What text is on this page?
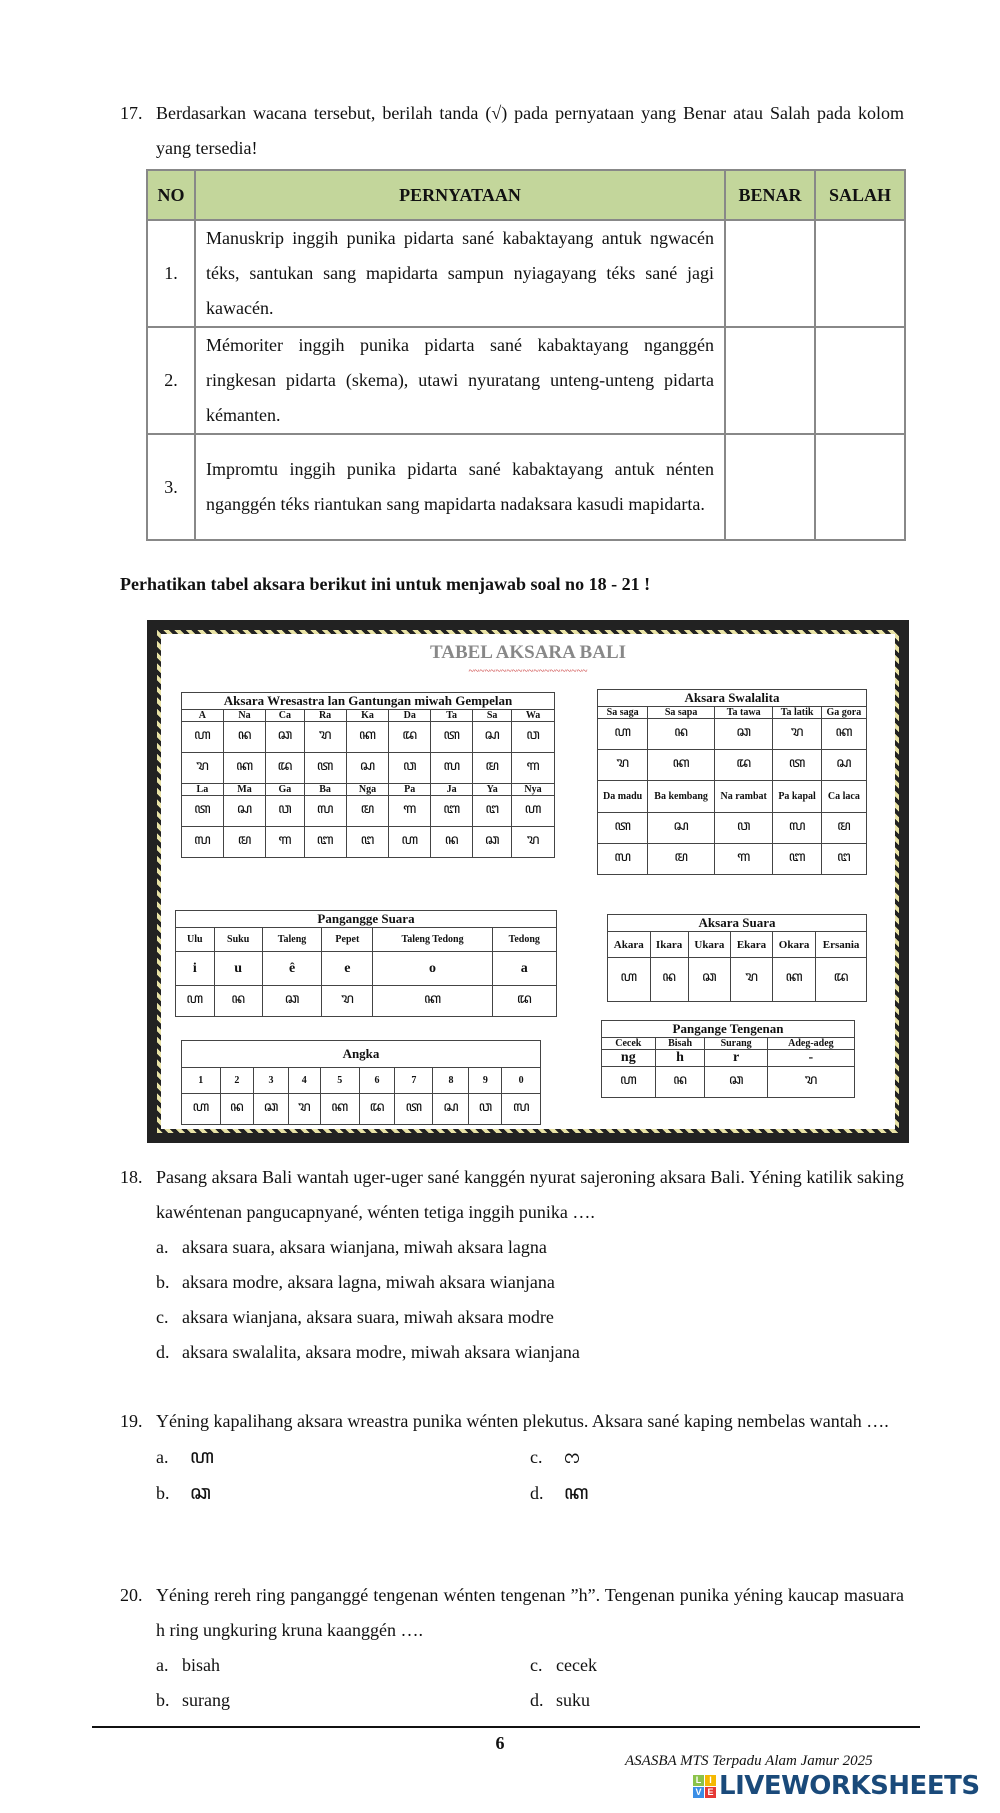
17. Berdasarkan wacana tersebut, berilah tanda (√) pada pernyataan yang Benar atau Salah pada kolom yang tersedia!
NO	PERNYATAAN	BENAR	SALAH
1.	Manuskrip inggih punika pidarta sané kabaktayang antuk ngwacén téks, santukan sang mapidarta sampun nyiagayang téks sané jagi kawacén.		
2.	Mémoriter inggih punika pidarta sané kabaktayang nganggén ringkesan pidarta (skema), utawi nyuratang unteng-unteng pidarta kémanten.		
3.	Impromtu inggih punika pidarta sané kabaktayang antuk nénten nganggén téks riantukan sang mapidarta nadaksara kasudi mapidarta.		
Perhatikan tabel aksara berikut ini untuk menjawab soal no 18 - 21 !
TABEL AKSARA BALI
~~~~~~~~~~~~~~~~~~~~~~
Aksara Wresastra lan Gantungan miwah Gempelan								
A	Na	Ca	Ra	Ka	Da	Ta	Sa	Wa
ꦲ	ꦤ	ꦕ	ꦫ	ꦏ	ꦢ	ꦠ	ꦱ	ꦮ
ꦫ	ꦏ	ꦢ	ꦠ	ꦱ	ꦮ	ꦭ	ꦩ	ꦒ
La	Ma	Ga	Ba	Nga	Pa	Ja	Ya	Nya
ꦠ	ꦱ	ꦮ	ꦭ	ꦩ	ꦒ	ꦧ	ꦔ	ꦲ
ꦭ	ꦩ	ꦒ	ꦧ	ꦔ	ꦲ	ꦤ	ꦕ	ꦫ
Aksara Swalalita				
Sa saga	Sa sapa	Ta tawa	Ta latik	Ga gora
ꦲ	ꦤ	ꦕ	ꦫ	ꦏ
ꦫ	ꦏ	ꦢ	ꦠ	ꦱ
Da madu	Ba kembang	Na rambat	Pa kapal	Ca laca
ꦠ	ꦱ	ꦮ	ꦭ	ꦩ
ꦭ	ꦩ	ꦒ	ꦧ	ꦔ
Pangangge Suara					
Ulu	Suku	Taleng	Pepet	Taleng Tedong	Tedong
i	u	ê	e	o	a
ꦲ	ꦤ	ꦕ	ꦫ	ꦏ	ꦢ
Aksara Suara					
Akara	Ikara	Ukara	Ekara	Okara	Ersania
ꦲ	ꦤ	ꦕ	ꦫ	ꦏ	ꦢ
Pangange Tengenan			
Cecek	Bisah	Surang	Adeg-adeg
ng	h	r	-
ꦲ	ꦤ	ꦕ	ꦫ
Angka									
1	2	3	4	5	6	7	8	9	0
ꦲ	ꦤ	ꦕ	ꦫ	ꦏ	ꦢ	ꦠ	ꦱ	ꦮ	ꦭ
18. Pasang aksara Bali wantah uger-uger sané kanggén nyurat sajeroning aksara Bali. Yéning katilik saking kawéntenan pangucapnyané, wénten tetiga inggih punika ….
a. aksara suara, aksara wianjana, miwah aksara lagna
b. aksara modre, aksara lagna, miwah aksara wianjana
c. aksara wianjana, aksara suara, miwah aksara modre
d. aksara swalalita, aksara modre, miwah aksara wianjana
19. Yéning kapalihang aksara wreastra punika wénten plekutus. Aksara sané kaping nembelas wantah ….
a. ꦲ	c. ᦂ
b. ꦕ	d. ꦏ
20. Yéning rereh ring panganggé tengenan wénten tengenan ”h”. Tengenan punika yéning kaucap masuara h ring ungkuring kruna kaanggén ….
a. bisah	c. cecek
b. surang	d. suku
6
ASASBA MTS Terpadu Alam Jamur 2025
L I
V E LIVEWORKSHEETS
